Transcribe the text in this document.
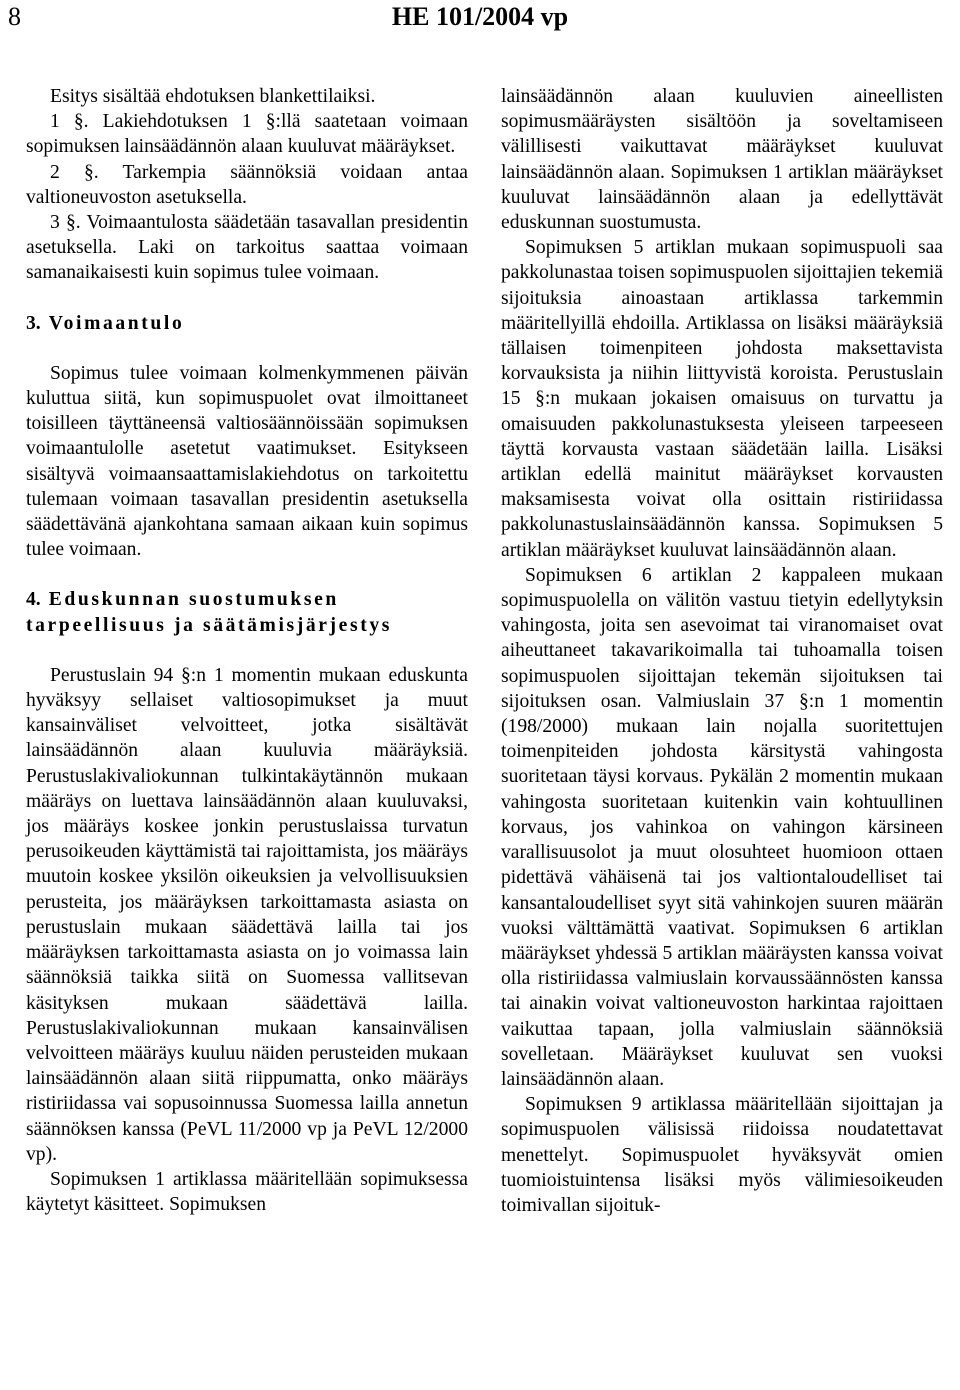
8	HE 101/2004 vp

Esitys sisältää ehdotuksen blankettilaiksi.

1 §. Lakiehdotuksen 1 §:llä saatetaan voimaan sopimuksen lainsäädännön alaan kuuluvat määräykset.

2 §. Tarkempia säännöksiä voidaan antaa valtioneuvoston asetuksella.

3 §. Voimaantulosta säädetään tasavallan presidentin asetuksella. Laki on tarkoitus saattaa voimaan samanaikaisesti kuin sopimus tulee voimaan.

3. Voimaantulo

Sopimus tulee voimaan kolmenkymmenen päivän kuluttua siitä, kun sopimuspuolet ovat ilmoittaneet toisilleen täyttäneensä valtiosäännöissään sopimuksen voimaantulolle asetetut vaatimukset. Esitykseen sisältyvä voimaansaattamislakiehdotus on tarkoitettu tulemaan voimaan tasavallan presidentin asetuksella säädettävänä ajankohtana samaan aikaan kuin sopimus tulee voimaan.

4. Eduskunnan suostumuksen tarpeellisuus ja säätämisjärjestys

Perustuslain 94 §:n 1 momentin mukaan eduskunta hyväksyy sellaiset valtiosopimukset ja muut kansainväliset velvoitteet, jotka sisältävät lainsäädännön alaan kuuluvia määräyksiä. Perustuslakivaliokunnan tulkintakäytännön mukaan määräys on luettava lainsäädännön alaan kuuluvaksi, jos määräys koskee jonkin perustuslaissa turvatun perusoikeuden käyttämistä tai rajoittamista, jos määräys muutoin koskee yksilön oikeuksien ja velvollisuuksien perusteita, jos määräyksen tarkoittamasta asiasta on perustuslain mukaan säädettävä lailla tai jos määräyksen tarkoittamasta asiasta on jo voimassa lain säännöksiä taikka siitä on Suomessa vallitsevan käsityksen mukaan säädettävä lailla. Perustuslakivaliokunnan mukaan kansainvälisen velvoitteen määräys kuuluu näiden perusteiden mukaan lainsäädännön alaan siitä riippumatta, onko määräys ristiriidassa vai sopusoinnussa Suomessa lailla annetun säännöksen kanssa (PeVL 11/2000 vp ja PeVL 12/2000 vp).

Sopimuksen 1 artiklassa määritellään sopimuksessa käytetyt käsitteet. Sopimuksen

lainsäädännön alaan kuuluvien aineellisten sopimusmääräysten sisältöön ja soveltamiseen välillisesti vaikuttavat määräykset kuuluvat lainsäädännön alaan. Sopimuksen 1 artiklan määräykset kuuluvat lainsäädännön alaan ja edellyttävät eduskunnan suostumusta.

Sopimuksen 5 artiklan mukaan sopimuspuoli saa pakkolunastaa toisen sopimuspuolen sijoittajien tekemiä sijoituksia ainoastaan artiklassa tarkemmin määritellyillä ehdoilla. Artiklassa on lisäksi määräyksiä tällaisen toimenpiteen johdosta maksettavista korvauksista ja niihin liittyvistä koroista. Perustuslain 15 §:n mukaan jokaisen omaisuus on turvattu ja omaisuuden pakkolunastuksesta yleiseen tarpeeseen täyttä korvausta vastaan säädetään lailla. Lisäksi artiklan edellä mainitut määräykset korvausten maksamisesta voivat olla osittain ristiriidassa pakkolunastuslainsäädännön kanssa. Sopimuksen 5 artiklan määräykset kuuluvat lainsäädännön alaan.

Sopimuksen 6 artiklan 2 kappaleen mukaan sopimuspuolella on välitön vastuu tietyin edellytyksin vahingosta, joita sen asevoimat tai viranomaiset ovat aiheuttaneet takavarikoimalla tai tuhoamalla toisen sopimuspuolen sijoittajan tekemän sijoituksen tai sijoituksen osan. Valmiuslain 37 §:n 1 momentin (198/2000) mukaan lain nojalla suoritettujen toimenpiteiden johdosta kärsitystä vahingosta suoritetaan täysi korvaus. Pykälän 2 momentin mukaan vahingosta suoritetaan kuitenkin vain kohtuullinen korvaus, jos vahinkoa on vahingon kärsineen varallisuusolot ja muut olosuhteet huomioon ottaen pidettävä vähäisenä tai jos valtiontaloudelliset tai kansantaloudelliset syyt sitä vahinkojen suuren määrän vuoksi välttämättä vaativat. Sopimuksen 6 artiklan määräykset yhdessä 5 artiklan määräysten kanssa voivat olla ristiriidassa valmiuslain korvaussäännösten kanssa tai ainakin voivat valtioneuvoston harkintaa rajoittaen vaikuttaa tapaan, jolla valmiuslain säännöksiä sovelletaan. Määräykset kuuluvat sen vuoksi lainsäädännön alaan.

Sopimuksen 9 artiklassa määritellään sijoittajan ja sopimuspuolen välisissä riidoissa noudatettavat menettelyt. Sopimuspuolet hyväksyvät omien tuomioistuintensa lisäksi myös välimiesoikeuden toimivallan sijoituk-
